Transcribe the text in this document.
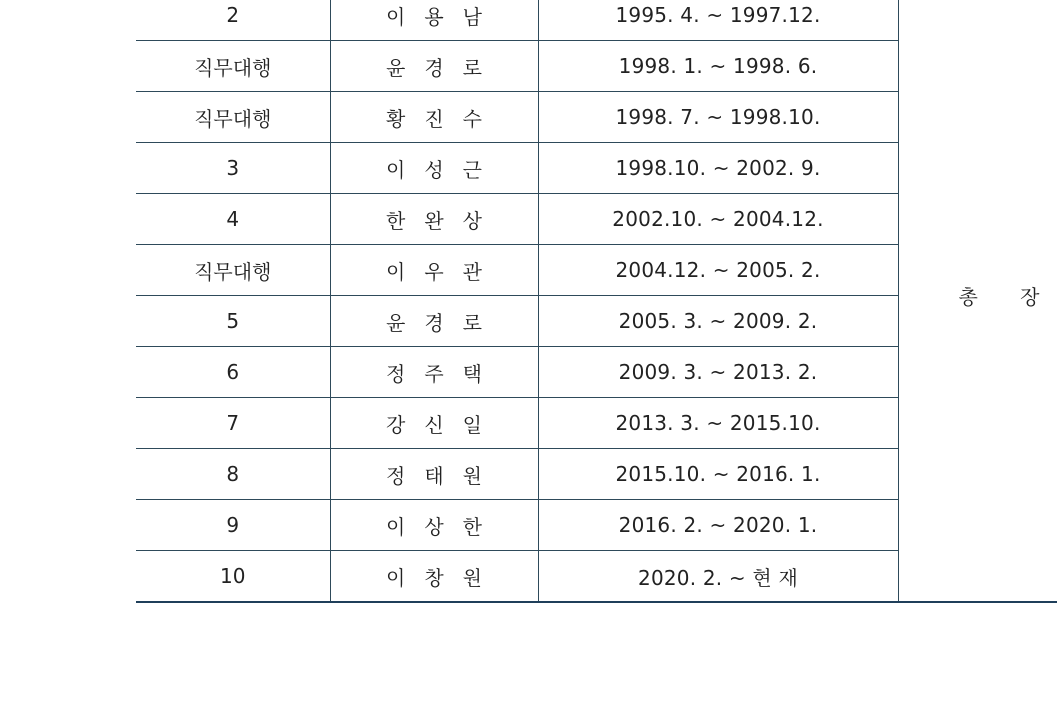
2	이용남	1995. 4. ~ 1997.12.	총 장
직무대행	윤경로	1998. 1. ~ 1998. 6.	
직무대행	황진수	1998. 7. ~ 1998.10.	
3	이성근	1998.10. ~ 2002. 9.	
4	한완상	2002.10. ~ 2004.12.	
직무대행	이우관	2004.12. ~ 2005. 2.	
5	윤경로	2005. 3. ~ 2009. 2.	
6	정주택	2009. 3. ~ 2013. 2.	
7	강신일	2013. 3. ~ 2015.10.	
8	정태원	2015.10. ~ 2016. 1.	
9	이상한	2016. 2. ~ 2020. 1.	
10	이창원	2020. 2. ~ 현 재	
